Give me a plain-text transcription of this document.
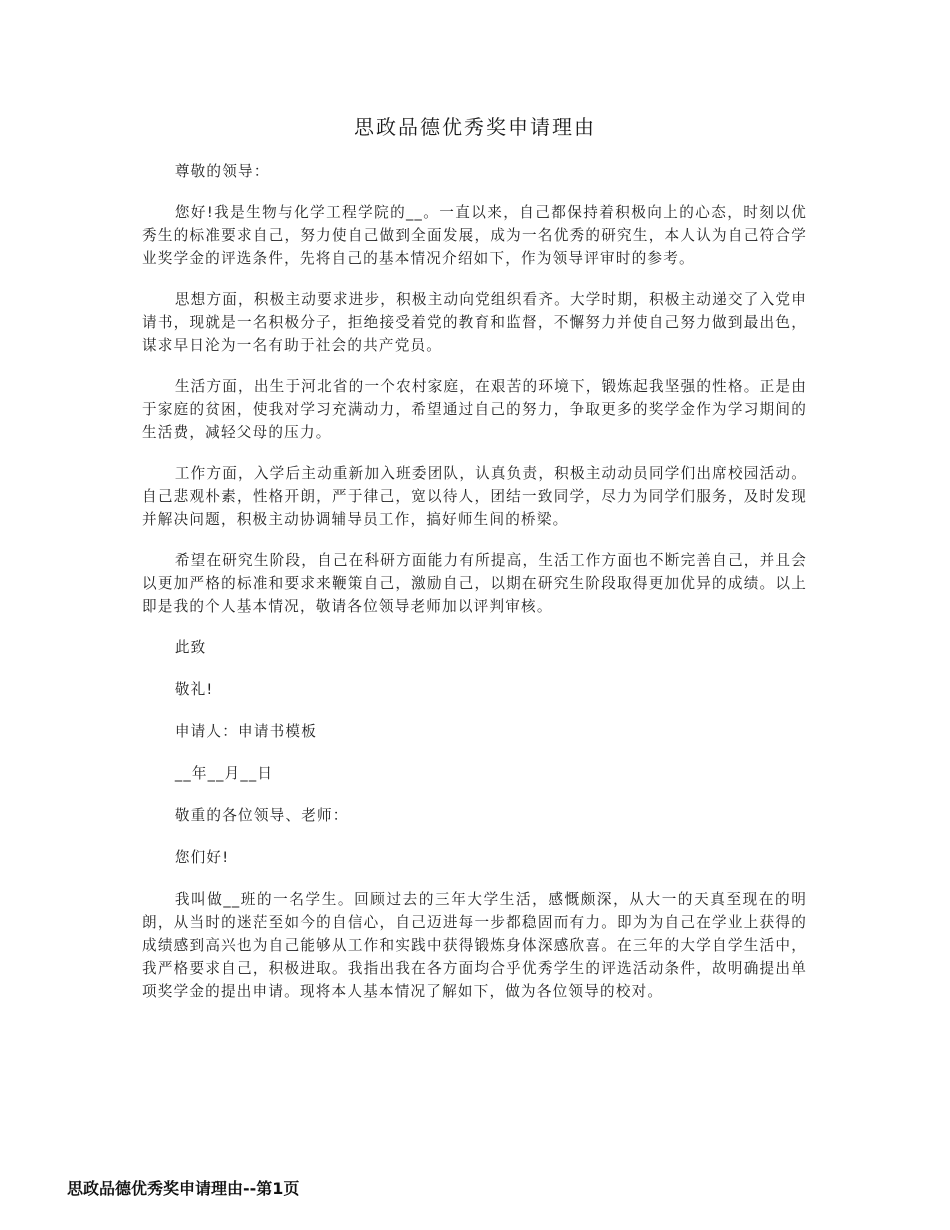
思政品德优秀奖申请理由

尊敬的领导：

您好!我是生物与化学工程学院的__。一直以来，自己都保持着积极向上的心态，时刻以优秀生的标准要求自己，努力使自己做到全面发展，成为一名优秀的研究生，本人认为自己符合学业奖学金的评选条件，先将自己的基本情况介绍如下，作为领导评审时的参考。

思想方面，积极主动要求进步，积极主动向党组织看齐。大学时期，积极主动递交了入党申请书，现就是一名积极分子，拒绝接受着党的教育和监督，不懈努力并使自己努力做到最出色，谋求早日沦为一名有助于社会的共产党员。

生活方面，出生于河北省的一个农村家庭，在艰苦的环境下，锻炼起我坚强的性格。正是由于家庭的贫困，使我对学习充满动力，希望通过自己的努力，争取更多的奖学金作为学习期间的生活费，减轻父母的压力。

工作方面，入学后主动重新加入班委团队，认真负责，积极主动动员同学们出席校园活动。自己悲观朴素，性格开朗，严于律己，宽以待人，团结一致同学，尽力为同学们服务，及时发现并解决问题，积极主动协调辅导员工作，搞好师生间的桥梁。

希望在研究生阶段，自己在科研方面能力有所提高，生活工作方面也不断完善自己，并且会以更加严格的标准和要求来鞭策自己，激励自己，以期在研究生阶段取得更加优异的成绩。以上即是我的个人基本情况，敬请各位领导老师加以评判审核。

此致

敬礼!

申请人：申请书模板

__年__月__日

敬重的各位领导、老师：

您们好!

我叫做__班的一名学生。回顾过去的三年大学生活，感慨颇深，从大一的天真至现在的明朗，从当时的迷茫至如今的自信心，自己迈进每一步都稳固而有力。即为为自己在学业上获得的成绩感到高兴也为自己能够从工作和实践中获得锻炼身体深感欣喜。在三年的大学自学生活中，我严格要求自己，积极进取。我指出我在各方面均合乎优秀学生的评选活动条件，故明确提出单项奖学金的提出申请。现将本人基本情况了解如下，做为各位领导的校对。

思政品德优秀奖申请理由--第1页
